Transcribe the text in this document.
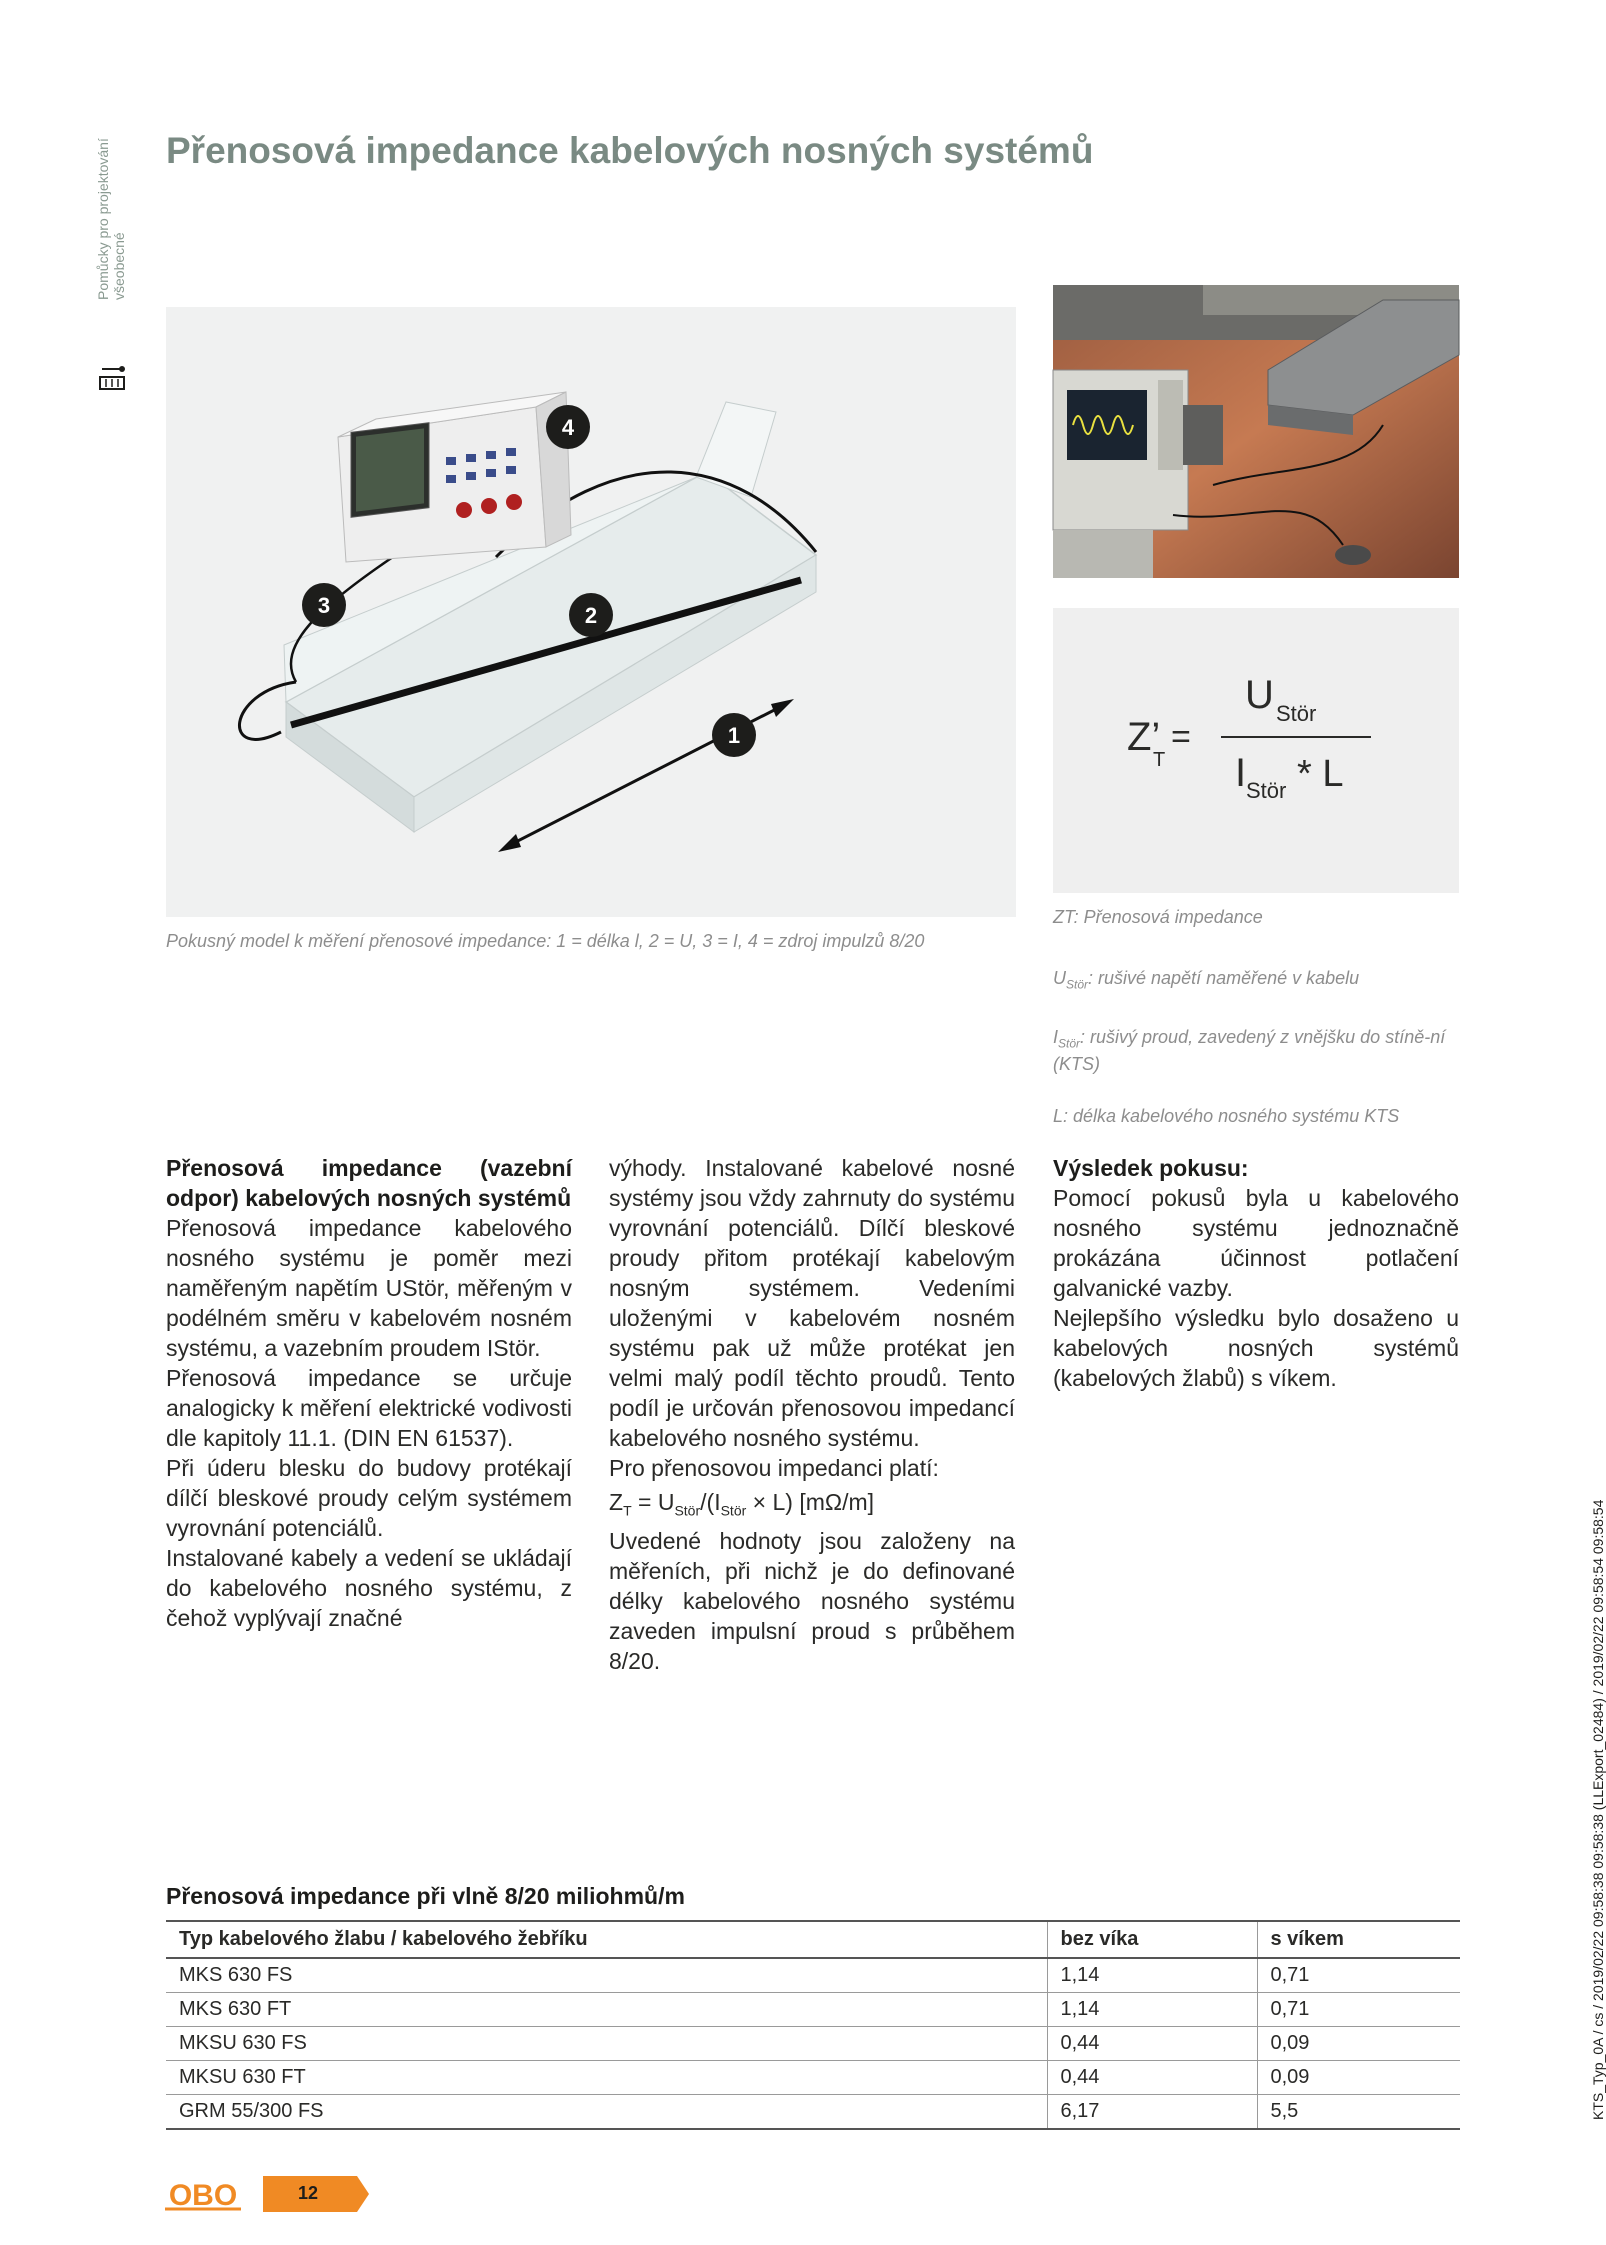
Pomůcky pro projektování všeobecné
Přenosová impedance kabelových nosných systémů
4
3	2
1	Z’
T
=
U Stör
I Stör * L
Pokusný model k měření přenosové impedance: 1 = délka l, 2 = U, 3 = I, 4 = zdroj impulzů 8/20
ZT: Přenosová impedance
$U_{Stör}$: rušivé napětí naměřené v kabelu
$I_{Stör}$: rušivý proud, zavedený z vnějšku do stíně-ní (KTS)
L: délka kabelového nosného systému KTS

Přenosová impedance (vazební odpor) kabelových nosných systémů

Přenosová impedance kabelového nosného systému je poměr mezi naměřeným napětím UStör, měřeným v podélném směru v kabelovém nosném systému, a vazebním proudem IStör.

Přenosová impedance se určuje analogicky k měření elektrické vodivosti dle kapitoly 11.1. (DIN EN 61537).

Při úderu blesku do budovy protékají dílčí bleskové proudy celým systémem vyrovnání potenciálů.

Instalované kabely a vedení se ukládají do kabelového nosného systému, z čehož vyplývají značné

výhody. Instalované kabelové nosné systémy jsou vždy zahrnuty do systému vyrovnání potenciálů. Dílčí bleskové proudy přitom protékají kabelovým nosným systémem. Vedeními uloženými v kabelovém nosném systému pak už může protékat jen velmi malý podíl těchto proudů. Tento podíl je určován přenosovou impedancí kabelového nosného systému.

Pro přenosovou impedanci platí:

$Z_T = U_{Stör}/(I_{Stör} \times L)$ [mΩ/m]

Uvedené hodnoty jsou založeny na měřeních, při nichž je do definované délky kabelového nosného systému zaveden impulsní proud s průběhem 8/20.

Výsledek pokusu:

Pomocí pokusů byla u kabelového nosného systému jednoznačně prokázána účinnost potlačení galvanické vazby.

Nejlepšího výsledku bylo dosaženo u kabelových nosných systémů (kabelových žlabů) s víkem.

Přenosová impedance při vlně 8/20 miliohmů/m
Typ kabelového žlabu / kabelového žebříku	bez víka	s víkem
MKS 630 FS	1,14	0,71
MKS 630 FT	1,14	0,71
MKSU 630 FS	0,44	0,09
MKSU 630 FT	0,44	0,09
GRM 55/300 FS	6,17	5,5	KTS_Typ_0A / cs / 2019/02/22 09:58:38 09:58:38 (LLExport_02484) / 2019/02/22 09:58:54 09:58:54
OBO	12
